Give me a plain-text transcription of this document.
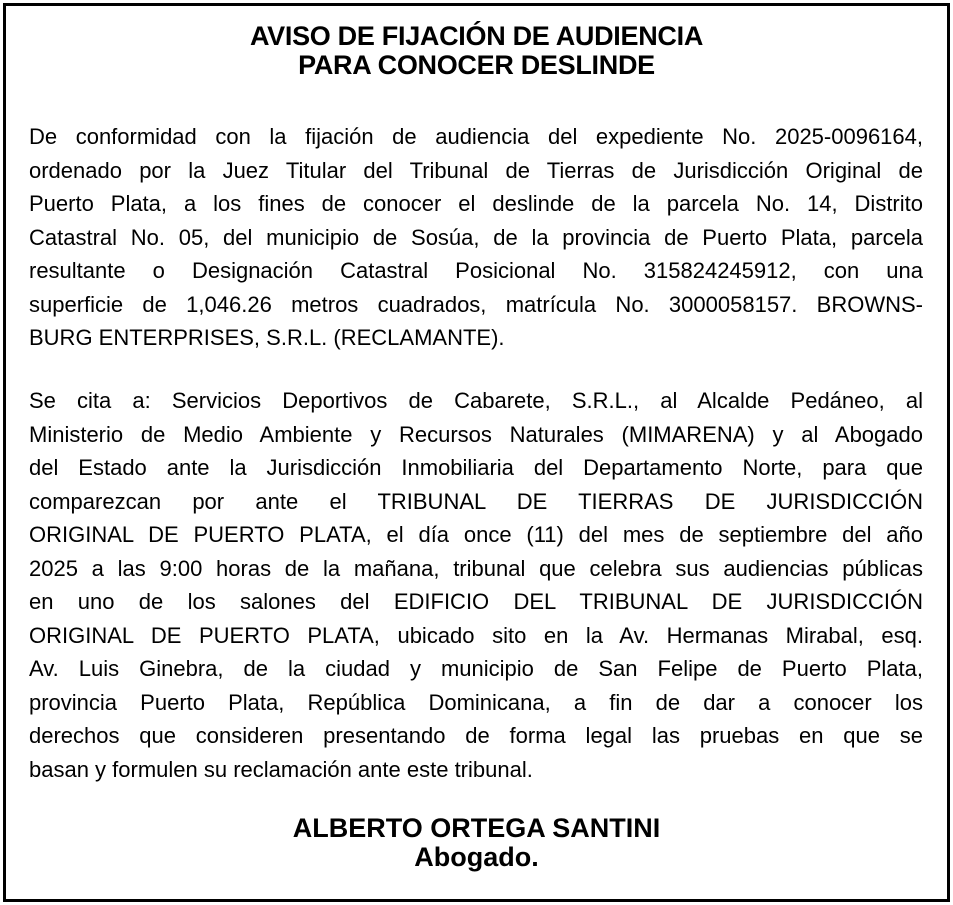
AVISO DE FIJACIÓN DE AUDIENCIA
PARA CONOCER DESLINDE
De conformidad con la fijación de audiencia del expediente No. 2025-0096164,
ordenado por la Juez Titular del Tribunal de Tierras de Jurisdicción Original de
Puerto Plata, a los fines de conocer el deslinde de la parcela No. 14, Distrito
Catastral No. 05, del municipio de Sosúa, de la provincia de Puerto Plata, parcela
resultante o Designación Catastral Posicional No. 315824245912, con una
superficie de 1,046.26 metros cuadrados, matrícula No. 3000058157. BROWNS-
BURG ENTERPRISES, S.R.L. (RECLAMANTE).
Se cita a: Servicios Deportivos de Cabarete, S.R.L., al Alcalde Pedáneo, al
Ministerio de Medio Ambiente y Recursos Naturales (MIMARENA) y al Abogado
del Estado ante la Jurisdicción Inmobiliaria del Departamento Norte, para que
comparezcan por ante el TRIBUNAL DE TIERRAS DE JURISDICCIÓN
ORIGINAL DE PUERTO PLATA, el día once (11) del mes de septiembre del año
2025 a las 9:00 horas de la mañana, tribunal que celebra sus audiencias públicas
en uno de los salones del EDIFICIO DEL TRIBUNAL DE JURISDICCIÓN
ORIGINAL DE PUERTO PLATA, ubicado sito en la Av. Hermanas Mirabal, esq.
Av. Luis Ginebra, de la ciudad y municipio de San Felipe de Puerto Plata,
provincia Puerto Plata, República Dominicana, a fin de dar a conocer los
derechos que consideren presentando de forma legal las pruebas en que se
basan y formulen su reclamación ante este tribunal.
ALBERTO ORTEGA SANTINI
Abogado.
